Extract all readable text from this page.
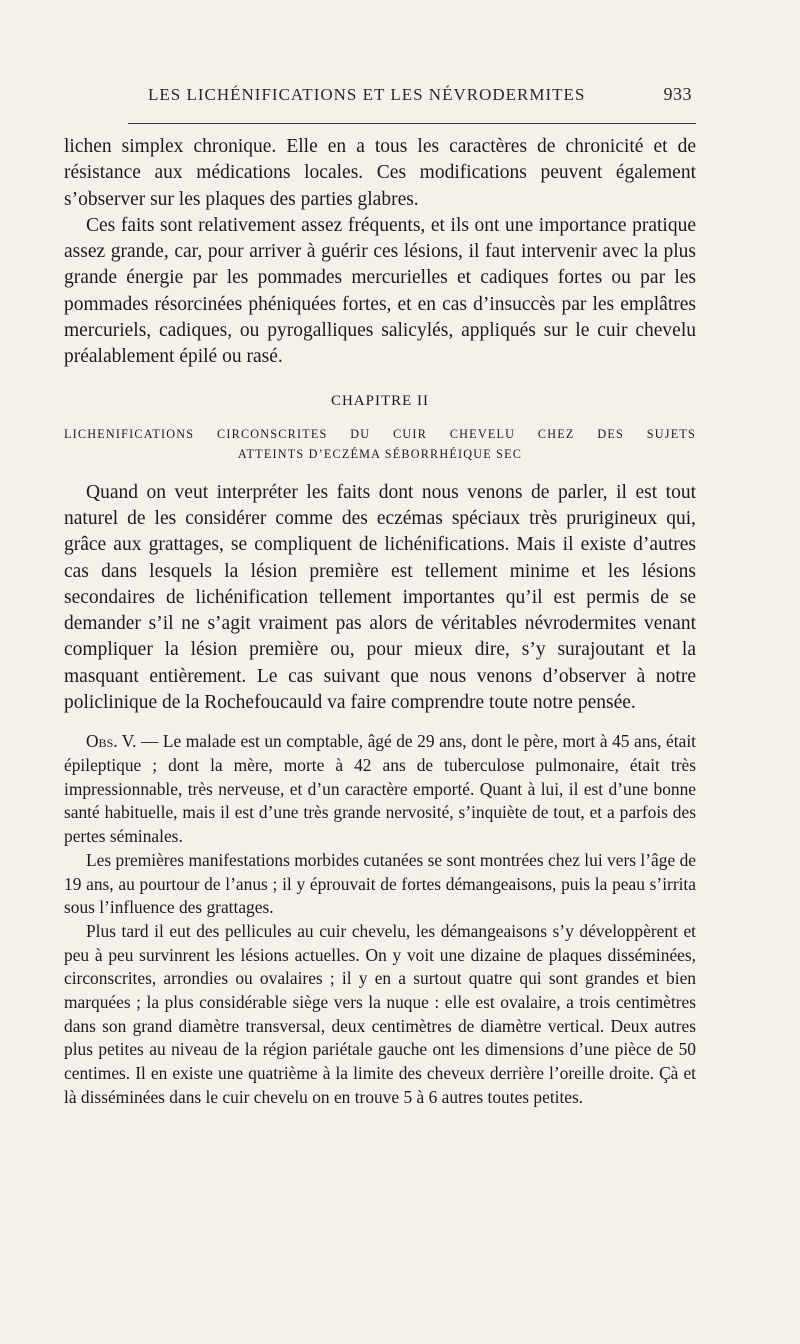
LES LICHÉNIFICATIONS ET LES NÉVRODERMITES	933

lichen simplex chronique. Elle en a tous les caractères de chronicité et de résistance aux médications locales. Ces modifications peuvent également s’observer sur les plaques des parties glabres.

Ces faits sont relativement assez fréquents, et ils ont une importance pratique assez grande, car, pour arriver à guérir ces lésions, il faut intervenir avec la plus grande énergie par les pommades mercurielles et cadiques fortes ou par les pommades résorcinées phéniquées fortes, et en cas d’insuccès par les emplâtres mercuriels, cadiques, ou pyrogalliques salicylés, appliqués sur le cuir chevelu préalablement épilé ou rasé.

CHAPITRE II
LICHENIFICATIONS CIRCONSCRITES DU CUIR CHEVELU CHEZ DES SUJETS
ATTEINTS D’ECZÉMA SÉBORRHÉIQUE SEC

Quand on veut interpréter les faits dont nous venons de parler, il est tout naturel de les considérer comme des eczémas spéciaux très prurigineux qui, grâce aux grattages, se compliquent de lichénifications. Mais il existe d’autres cas dans lesquels la lésion première est tellement minime et les lésions secondaires de lichénification tellement importantes qu’il est permis de se demander s’il ne s’agit vraiment pas alors de véritables névrodermites venant compliquer la lésion première ou, pour mieux dire, s’y surajoutant et la masquant entièrement. Le cas suivant que nous venons d’observer à notre policlinique de la Rochefoucauld va faire comprendre toute notre pensée.

Obs. V. — Le malade est un comptable, âgé de 29 ans, dont le père, mort à 45 ans, était épileptique ; dont la mère, morte à 42 ans de tuberculose pulmonaire, était très impressionnable, très nerveuse, et d’un caractère emporté. Quant à lui, il est d’une bonne santé habituelle, mais il est d’une très grande nervosité, s’inquiète de tout, et a parfois des pertes séminales.

Les premières manifestations morbides cutanées se sont montrées chez lui vers l’âge de 19 ans, au pourtour de l’anus ; il y éprouvait de fortes démangeaisons, puis la peau s’irrita sous l’influence des grattages.

Plus tard il eut des pellicules au cuir chevelu, les démangeaisons s’y développèrent et peu à peu survinrent les lésions actuelles. On y voit une dizaine de plaques disséminées, circonscrites, arrondies ou ovalaires ; il y en a surtout quatre qui sont grandes et bien marquées ; la plus considérable siège vers la nuque : elle est ovalaire, a trois centimètres dans son grand diamètre transversal, deux centimètres de diamètre vertical. Deux autres plus petites au niveau de la région pariétale gauche ont les dimensions d’une pièce de 50 centimes. Il en existe une quatrième à la limite des cheveux derrière l’oreille droite. Çà et là disséminées dans le cuir chevelu on en trouve 5 à 6 autres toutes petites.
